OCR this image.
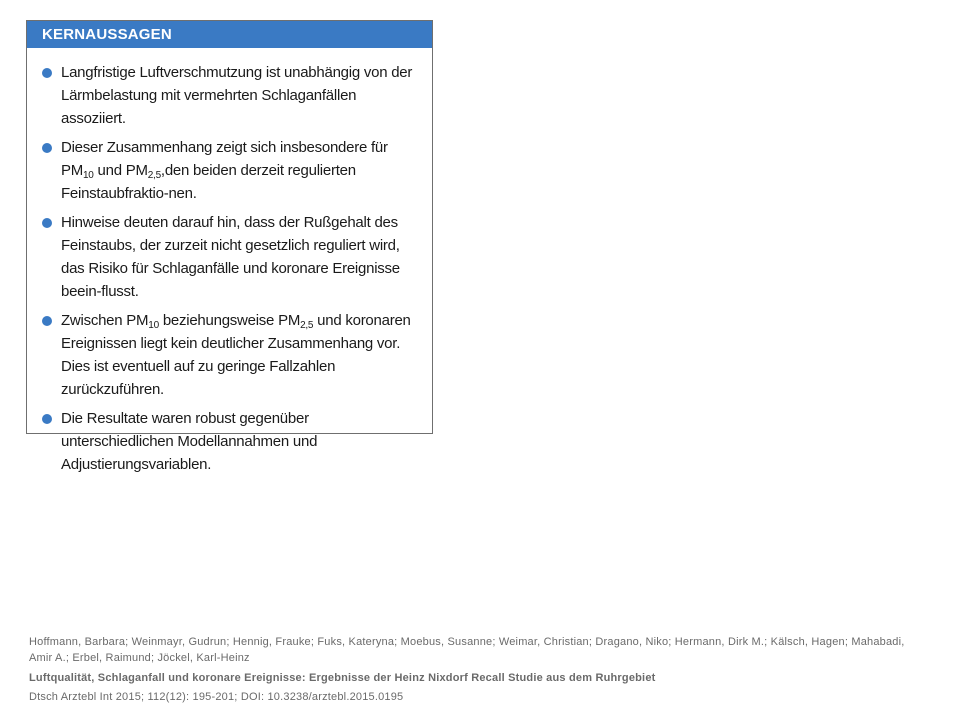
KERNAUSSAGEN
Langfristige Luftverschmutzung ist unabhängig von der Lärmbelastung mit vermehrten Schlaganfällen assoziiert.
Dieser Zusammenhang zeigt sich insbesondere für $PM_{10}$ und $PM_{2,5},den$ beiden derzeit regulierten Feinstaubfraktio-nen.
Hinweise deuten darauf hin, dass der Rußgehalt des Feinstaubs, der zurzeit nicht gesetzlich reguliert wird, das Risiko für Schlaganfälle und koronare Ereignisse beein-flusst.
Zwischen $PM_{10}$ beziehungsweise $PM_{2,5}$ und koronaren Ereignissen liegt kein deutlicher Zusammenhang vor. Dies ist eventuell auf zu geringe Fallzahlen zurückzuführen.
Die Resultate waren robust gegenüber unterschiedlichen Modellannahmen und Adjustierungsvariablen.
Hoffmann, Barbara; Weinmayr, Gudrun; Hennig, Frauke; Fuks, Kateryna; Moebus, Susanne; Weimar, Christian; Dragano, Niko; Hermann, Dirk M.; Kälsch, Hagen; Mahabadi, Amir A.; Erbel, Raimund; Jöckel, Karl-Heinz
Luftqualität, Schlaganfall und koronare Ereignisse: Ergebnisse der Heinz Nixdorf Recall Studie aus dem Ruhrgebiet
Dtsch Arztebl Int 2015; 112(12): 195-201; DOI: 10.3238/arztebl.2015.0195
